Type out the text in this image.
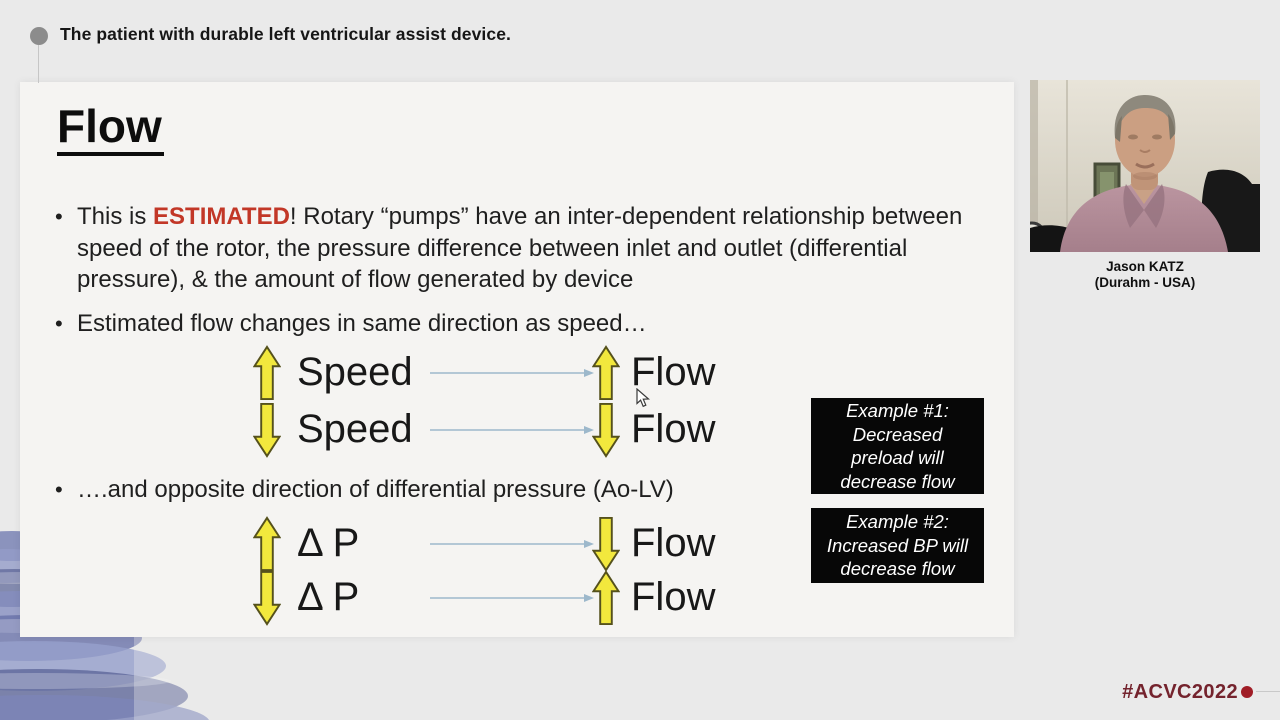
The patient with durable left ventricular assist device.
Flow
• This is ESTIMATED! Rotary “pumps” have an inter-dependent relationship between speed of the rotor, the pressure difference between inlet and outlet (differential pressure), & the amount of flow generated by device
• Estimated flow changes in same direction as speed…
Speed	Flow
Speed	Flow
• ….and opposite direction of differential pressure (Ao-LV)
Δ P	Flow
Δ P	Flow
Example #1:
Decreased
preload will
decrease flow
Example #2:
Increased BP will
decrease flow
Jason KATZ
(Durahm - USA)
#ACVC2022
